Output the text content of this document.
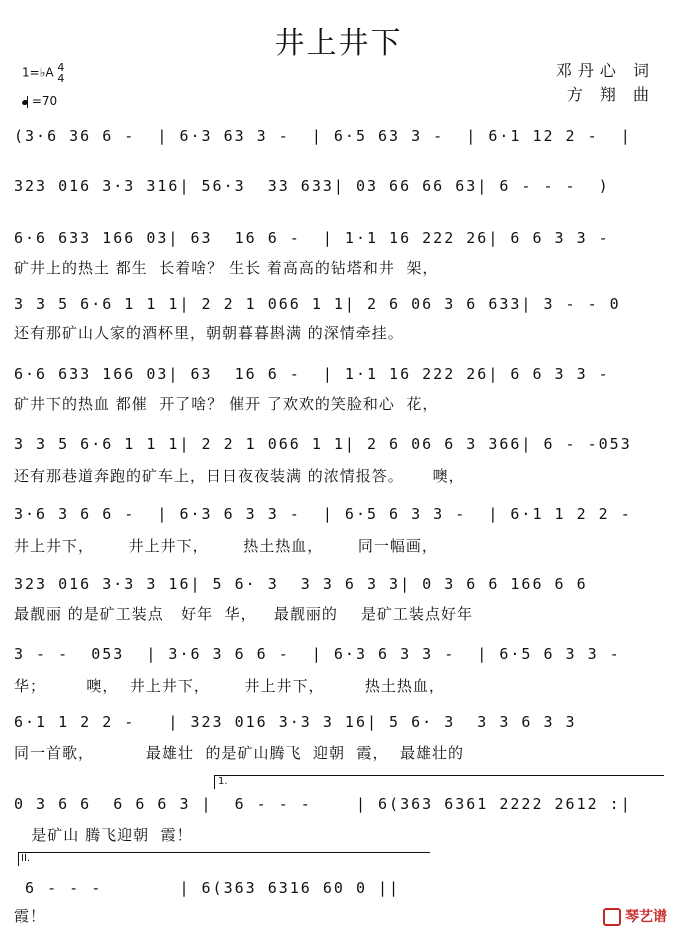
井上井下
邓丹心 词
方 翔 曲
1=♭A 4
4
=70
(3·6 36 6 -  | 6·3 63 3 -  | 6·5 63 3 -  | 6·1 12 2 -  |
323 016 3·3 316| 56·3  33 633| 03 66 66 63| 6 - - -  )
6·6 633 166 03| 63  16 6 -  | 1·1 16 222 26| 6 6 3 3 -
矿井上的热土 都生  长着啥？ 生长 着高高的钻塔和井  架，
3 3 5 6·6 1 1 1| 2 2 1 066 1 1| 2 6 06 3 6 633| 3 - - 0
还有那矿山人家的酒杯里，朝朝暮暮斟满 的深情牵挂。
6·6 633 166 03| 63  16 6 -  | 1·1 16 222 26| 6 6 3 3 -
矿井下的热血 都催  开了啥？ 催开 了欢欢的笑脸和心  花，
3 3 5 6·6 1 1 1| 2 2 1 066 1 1| 2 6 06 6 3 366| 6 - -053
还有那巷道奔跑的矿车上，日日夜夜装满 的浓情报答。     噢，
3·6 3 6 6 -  | 6·3 6 3 3 -  | 6·5 6 3 3 -  | 6·1 1 2 2 -
井上井下，      井上井下，      热土热血，      同一幅画，
323 016 3·3 3 16| 5 6· 3  3 3 6 3 3| 0 3 6 6 166 6 6
最靓丽 的是矿工装点   好年  华，   最靓丽的    是矿工装点好年
3 - -  053  | 3·6 3 6 6 -  | 6·3 6 3 3 -  | 6·5 6 3 3 -
华；       噢，  井上井下，      井上井下，       热土热血，
6·1 1 2 2 -   | 323 016 3·3 3 16| 5 6· 3  3 3 6 3 3
同一首歌，         最雄壮  的是矿山腾飞  迎朝  霞，  最雄壮的
1.
0 3 6 6  6 6 6 3 |  6 - - -    | 6(363 6361 2222 2612 :|
是矿山 腾飞迎朝  霞！
II.
6 - - -       | 6(363 6316 60 0 ||
霞！	琴艺谱
